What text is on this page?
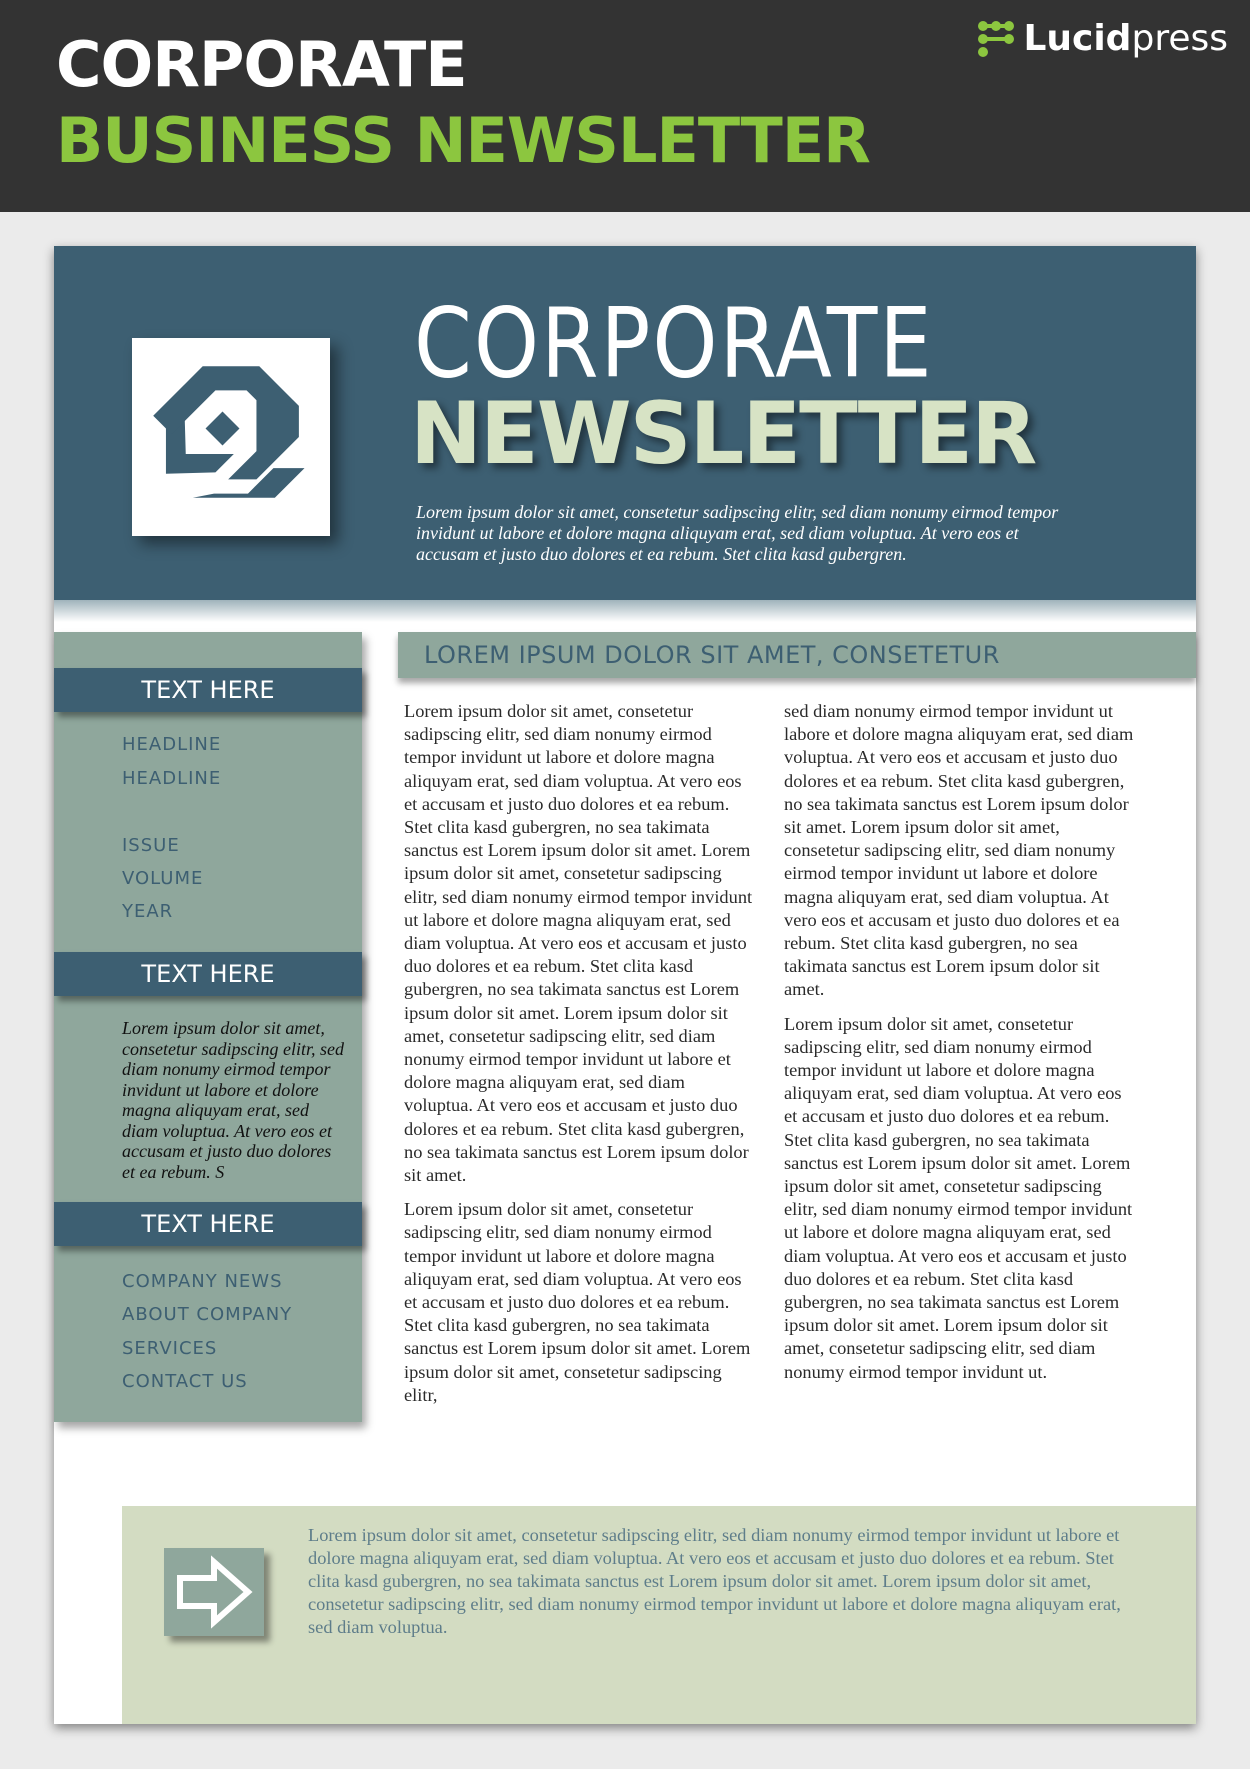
CORPORATE
BUSINESS NEWSLETTER
Lucidpress
CORPORATE
NEWSLETTER
Lorem ipsum dolor sit amet, consetetur sadipscing elitr, sed diam nonumy eirmod tempor invidunt ut labore et dolore magna aliquyam erat, sed diam voluptua. At vero eos et accusam et justo duo dolores et ea rebum. Stet clita kasd gubergren.
TEXT HERE
HEADLINE
HEADLINE
ISSUE
VOLUME
YEAR
TEXT HERE
Lorem ipsum dolor sit amet, consetetur sadipscing elitr, sed diam nonumy eirmod tempor invidunt ut labore et dolore magna aliquyam erat, sed diam voluptua. At vero eos et accusam et justo duo dolores et ea rebum. S
TEXT HERE
COMPANY NEWS
ABOUT COMPANY
SERVICES
CONTACT US
LOREM IPSUM DOLOR SIT AMET, CONSETETUR

Lorem ipsum dolor sit amet, consetetur sadipscing elitr, sed diam nonumy eirmod tempor invidunt ut labore et dolore magna aliquyam erat, sed diam voluptua. At vero eos et accusam et justo duo dolores et ea rebum. Stet clita kasd gubergren, no sea takimata sanctus est Lorem ipsum dolor sit amet. Lorem ipsum dolor sit amet, consetetur sadipscing elitr, sed diam nonumy eirmod tempor invidunt ut labore et dolore magna aliquyam erat, sed diam voluptua. At vero eos et accusam et justo duo dolores et ea rebum. Stet clita kasd gubergren, no sea takimata sanctus est Lorem ipsum dolor sit amet. Lorem ipsum dolor sit amet, consetetur sadipscing elitr, sed diam nonumy eirmod tempor invidunt ut labore et dolore magna aliquyam erat, sed diam voluptua. At vero eos et accusam et justo duo dolores et ea rebum. Stet clita kasd gubergren, no sea takimata sanctus est Lorem ipsum dolor sit amet.

Lorem ipsum dolor sit amet, consetetur sadipscing elitr, sed diam nonumy eirmod tempor invidunt ut labore et dolore magna aliquyam erat, sed diam voluptua. At vero eos et accusam et justo duo dolores et ea rebum. Stet clita kasd gubergren, no sea takimata sanctus est Lorem ipsum dolor sit amet. Lorem ipsum dolor sit amet, consetetur sadipscing elitr,

sed diam nonumy eirmod tempor invidunt ut labore et dolore magna aliquyam erat, sed diam voluptua. At vero eos et accusam et justo duo dolores et ea rebum. Stet clita kasd gubergren, no sea takimata sanctus est Lorem ipsum dolor sit amet. Lorem ipsum dolor sit amet, consetetur sadipscing elitr, sed diam nonumy eirmod tempor invidunt ut labore et dolore magna aliquyam erat, sed diam voluptua. At vero eos et accusam et justo duo dolores et ea rebum. Stet clita kasd gubergren, no sea takimata sanctus est Lorem ipsum dolor sit amet.

Lorem ipsum dolor sit amet, consetetur sadipscing elitr, sed diam nonumy eirmod tempor invidunt ut labore et dolore magna aliquyam erat, sed diam voluptua. At vero eos et accusam et justo duo dolores et ea rebum. Stet clita kasd gubergren, no sea takimata sanctus est Lorem ipsum dolor sit amet. Lorem ipsum dolor sit amet, consetetur sadipscing elitr, sed diam nonumy eirmod tempor invidunt ut labore et dolore magna aliquyam erat, sed diam voluptua. At vero eos et accusam et justo duo dolores et ea rebum. Stet clita kasd gubergren, no sea takimata sanctus est Lorem ipsum dolor sit amet. Lorem ipsum dolor sit amet, consetetur sadipscing elitr, sed diam nonumy eirmod tempor invidunt ut.

Lorem ipsum dolor sit amet, consetetur sadipscing elitr, sed diam nonumy eirmod tempor invidunt ut labore et dolore magna aliquyam erat, sed diam voluptua. At vero eos et accusam et justo duo dolores et ea rebum. Stet clita kasd gubergren, no sea takimata sanctus est Lorem ipsum dolor sit amet. Lorem ipsum dolor sit amet, consetetur sadipscing elitr, sed diam nonumy eirmod tempor invidunt ut labore et dolore magna aliquyam erat, sed diam voluptua.
